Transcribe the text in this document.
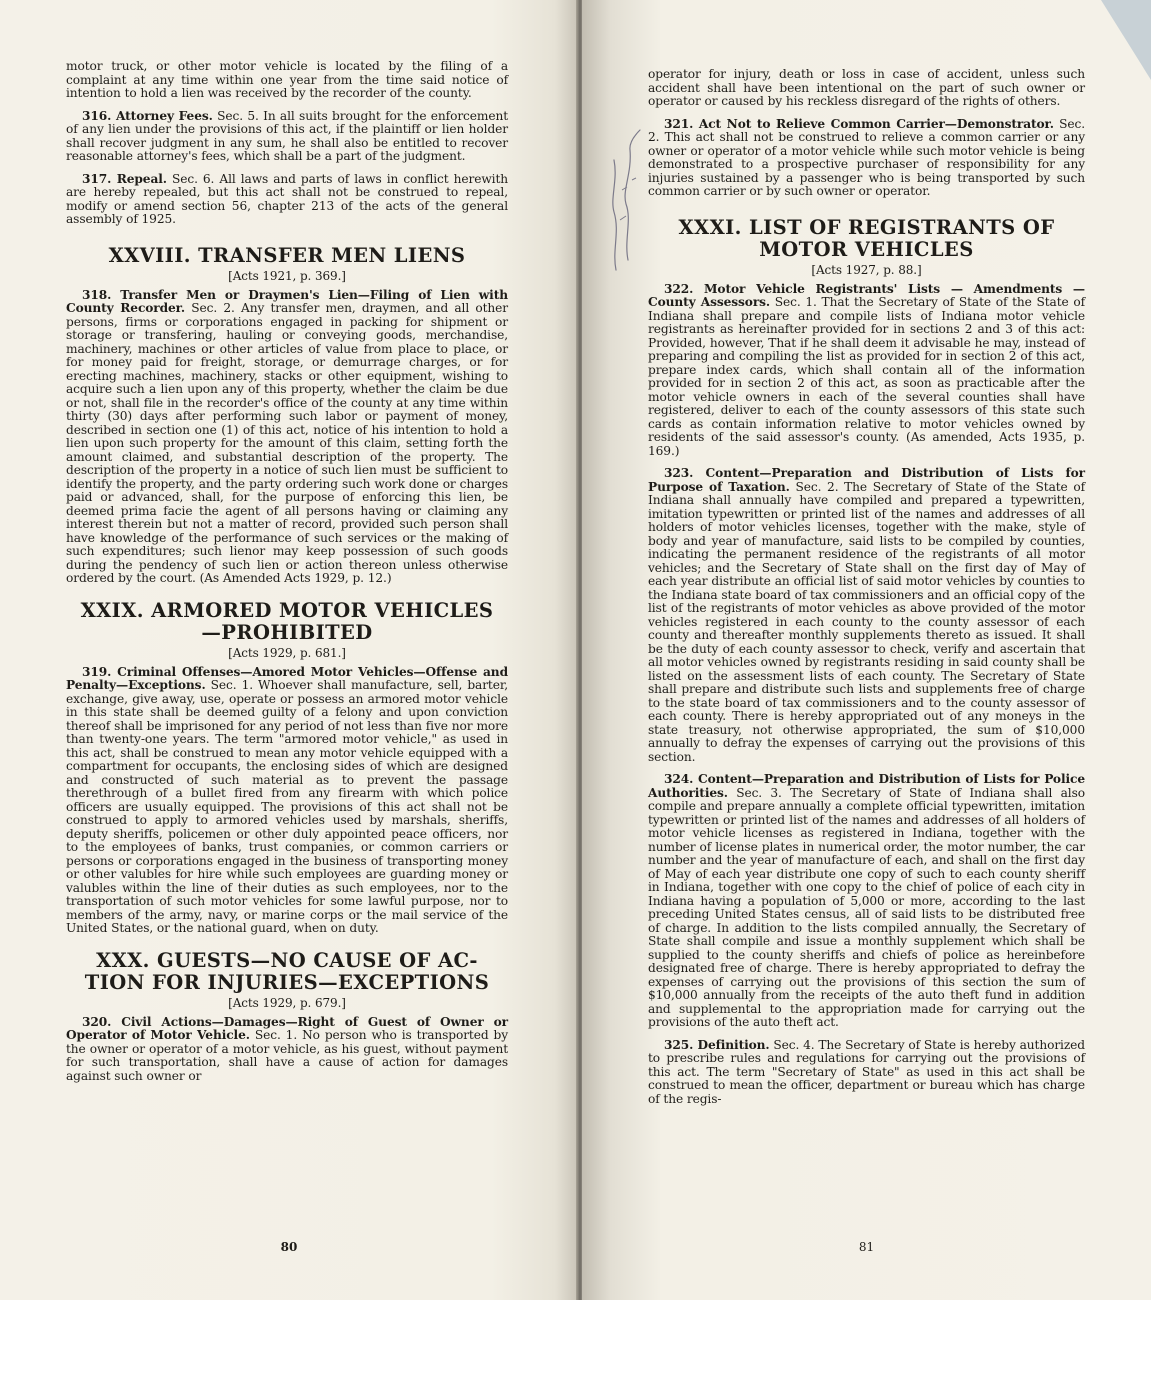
motor truck, or other motor vehicle is located by the filing of a complaint at any time within one year from the time said notice of intention to hold a lien was received by the recorder of the county.

316. Attorney Fees. Sec. 5. In all suits brought for the enforcement of any lien under the provisions of this act, if the plaintiff or lien holder shall recover judgment in any sum, he shall also be entitled to recover reasonable attorney's fees, which shall be a part of the judgment.

317. Repeal. Sec. 6. All laws and parts of laws in conflict herewith are hereby repealed, but this act shall not be construed to repeal, modify or amend section 56, chapter 213 of the acts of the general assembly of 1925.

XXVIII. TRANSFER MEN LIENS

[Acts 1921, p. 369.]

318. Transfer Men or Draymen's Lien—Filing of Lien with County Recorder. Sec. 2. Any transfer men, draymen, and all other persons, firms or corporations engaged in packing for shipment or storage or transfering, hauling or conveying goods, merchandise, machinery, machines or other articles of value from place to place, or for money paid for freight, storage, or demurrage charges, or for erecting machines, machinery, stacks or other equipment, wishing to acquire such a lien upon any of this property, whether the claim be due or not, shall file in the recorder's office of the county at any time within thirty (30) days after performing such labor or payment of money, described in section one (1) of this act, notice of his intention to hold a lien upon such property for the amount of this claim, setting forth the amount claimed, and substantial description of the property. The description of the property in a notice of such lien must be sufficient to identify the property, and the party ordering such work done or charges paid or advanced, shall, for the purpose of enforcing this lien, be deemed prima facie the agent of all persons having or claiming any interest therein but not a matter of record, provided such person shall have knowledge of the performance of such services or the making of such expenditures; such lienor may keep possession of such goods during the pendency of such lien or action thereon unless otherwise ordered by the court. (As Amended Acts 1929, p. 12.)

XXIX. ARMORED MOTOR VEHICLES
—PROHIBITED

[Acts 1929, p. 681.]

319. Criminal Offenses—Amored Motor Vehicles—Offense and Penalty—Exceptions. Sec. 1. Whoever shall manufacture, sell, barter, exchange, give away, use, operate or possess an armored motor vehicle in this state shall be deemed guilty of a felony and upon conviction thereof shall be imprisoned for any period of not less than five nor more than twenty-one years. The term "armored motor vehicle," as used in this act, shall be construed to mean any motor vehicle equipped with a compartment for occupants, the enclosing sides of which are designed and constructed of such material as to prevent the passage therethrough of a bullet fired from any firearm with which police officers are usually equipped. The provisions of this act shall not be construed to apply to armored vehicles used by marshals, sheriffs, deputy sheriffs, policemen or other duly appointed peace officers, nor to the employees of banks, trust companies, or common carriers or persons or corporations engaged in the business of transporting money or other valubles for hire while such employees are guarding money or valubles within the line of their duties as such employees, nor to the transportation of such motor vehicles for some lawful purpose, nor to members of the army, navy, or marine corps or the mail service of the United States, or the national guard, when on duty.

XXX. GUESTS—NO CAUSE OF AC-
TION FOR INJURIES—EXCEPTIONS

[Acts 1929, p. 679.]

320. Civil Actions—Damages—Right of Guest of Owner or Operator of Motor Vehicle. Sec. 1. No person who is transported by the owner or operator of a motor vehicle, as his guest, without payment for such transportation, shall have a cause of action for damages against such owner or

80

operator for injury, death or loss in case of accident, unless such accident shall have been intentional on the part of such owner or operator or caused by his reckless disregard of the rights of others.

321. Act Not to Relieve Common Carrier—Demonstrator. Sec. 2. This act shall not be construed to relieve a common carrier or any owner or operator of a motor vehicle while such motor vehicle is being demonstrated to a prospective purchaser of responsibility for any injuries sustained by a passenger who is being transported by such common carrier or by such owner or operator.

XXXI. LIST OF REGISTRANTS OF
MOTOR VEHICLES

[Acts 1927, p. 88.]

322. Motor Vehicle Registrants' Lists — Amendments — County Assessors. Sec. 1. That the Secretary of State of the State of Indiana shall prepare and compile lists of Indiana motor vehicle registrants as hereinafter provided for in sections 2 and 3 of this act: Provided, however, That if he shall deem it advisable he may, instead of preparing and compiling the list as provided for in section 2 of this act, prepare index cards, which shall contain all of the information provided for in section 2 of this act, as soon as practicable after the motor vehicle owners in each of the several counties shall have registered, deliver to each of the county assessors of this state such cards as contain information relative to motor vehicles owned by residents of the said assessor's county. (As amended, Acts 1935, p. 169.)

323. Content—Preparation and Distribution of Lists for Purpose of Taxation. Sec. 2. The Secretary of State of the State of Indiana shall annually have compiled and prepared a typewritten, imitation typewritten or printed list of the names and addresses of all holders of motor vehicles licenses, together with the make, style of body and year of manufacture, said lists to be compiled by counties, indicating the permanent residence of the registrants of all motor vehicles; and the Secretary of State shall on the first day of May of each year distribute an official list of said motor vehicles by counties to the Indiana state board of tax commissioners and an official copy of the list of the registrants of motor vehicles as above provided of the motor vehicles registered in each county to the county assessor of each county and thereafter monthly supplements thereto as issued. It shall be the duty of each county assessor to check, verify and ascertain that all motor vehicles owned by registrants residing in said county shall be listed on the assessment lists of each county. The Secretary of State shall prepare and distribute such lists and supplements free of charge to the state board of tax commissioners and to the county assessor of each county. There is hereby appropriated out of any moneys in the state treasury, not otherwise appropriated, the sum of $10,000 annually to defray the expenses of carrying out the provisions of this section.

324. Content—Preparation and Distribution of Lists for Police Authorities. Sec. 3. The Secretary of State of Indiana shall also compile and prepare annually a complete official typewritten, imitation typewritten or printed list of the names and addresses of all holders of motor vehicle licenses as registered in Indiana, together with the number of license plates in numerical order, the motor number, the car number and the year of manufacture of each, and shall on the first day of May of each year distribute one copy of such to each county sheriff in Indiana, together with one copy to the chief of police of each city in Indiana having a population of 5,000 or more, according to the last preceding United States census, all of said lists to be distributed free of charge. In addition to the lists compiled annually, the Secretary of State shall compile and issue a monthly supplement which shall be supplied to the county sheriffs and chiefs of police as hereinbefore designated free of charge. There is hereby appropriated to defray the expenses of carrying out the provisions of this section the sum of $10,000 annually from the receipts of the auto theft fund in addition and supplemental to the appropriation made for carrying out the provisions of the auto theft act.

325. Definition. Sec. 4. The Secretary of State is hereby authorized to prescribe rules and regulations for carrying out the provisions of this act. The term "Secretary of State" as used in this act shall be construed to mean the officer, department or bureau which has charge of the regis-

81
